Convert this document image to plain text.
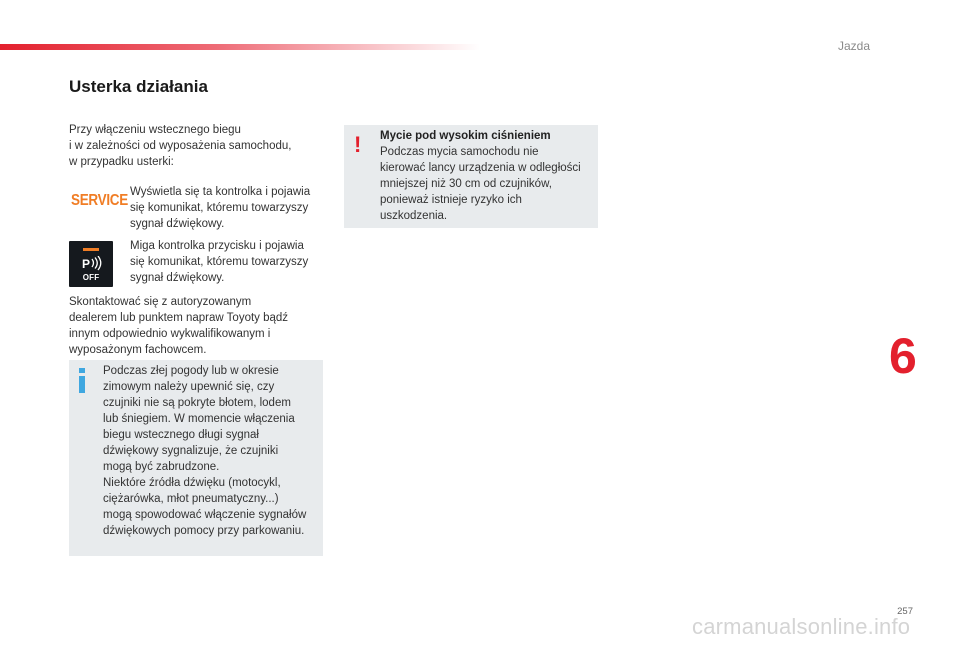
Jazda
Usterka działania
Przy włączeniu wstecznego biegu
i w zależności od wyposażenia samochodu,
w przypadku usterki:
SERVICE Wyświetla się ta kontrolka i pojawia
się komunikat, któremu towarzyszy
sygnał dźwiękowy.
P
OFF
Miga kontrolka przycisku i pojawia
się komunikat, któremu towarzyszy
sygnał dźwiękowy.
Skontaktować się z autoryzowanym
dealerem lub punktem napraw Toyoty bądź
innym odpowiednio wykwalifikowanym i
wyposażonym fachowcem.
Podczas złej pogody lub w okresie
zimowym należy upewnić się, czy
czujniki nie są pokryte błotem, lodem
lub śniegiem. W momencie włączenia
biegu wstecznego długi sygnał
dźwiękowy sygnalizuje, że czujniki
mogą być zabrudzone.
Niektóre źródła dźwięku (motocykl,
ciężarówka, młot pneumatyczny...)
mogą spowodować włączenie sygnałów
dźwiękowych pomocy przy parkowaniu.
! Mycie pod wysokim ciśnieniem
Podczas mycia samochodu nie
kierować lancy urządzenia w odległości
mniejszej niż 30 cm od czujników,
ponieważ istnieje ryzyko ich
uszkodzenia.
6
257
carmanualsonline.info
